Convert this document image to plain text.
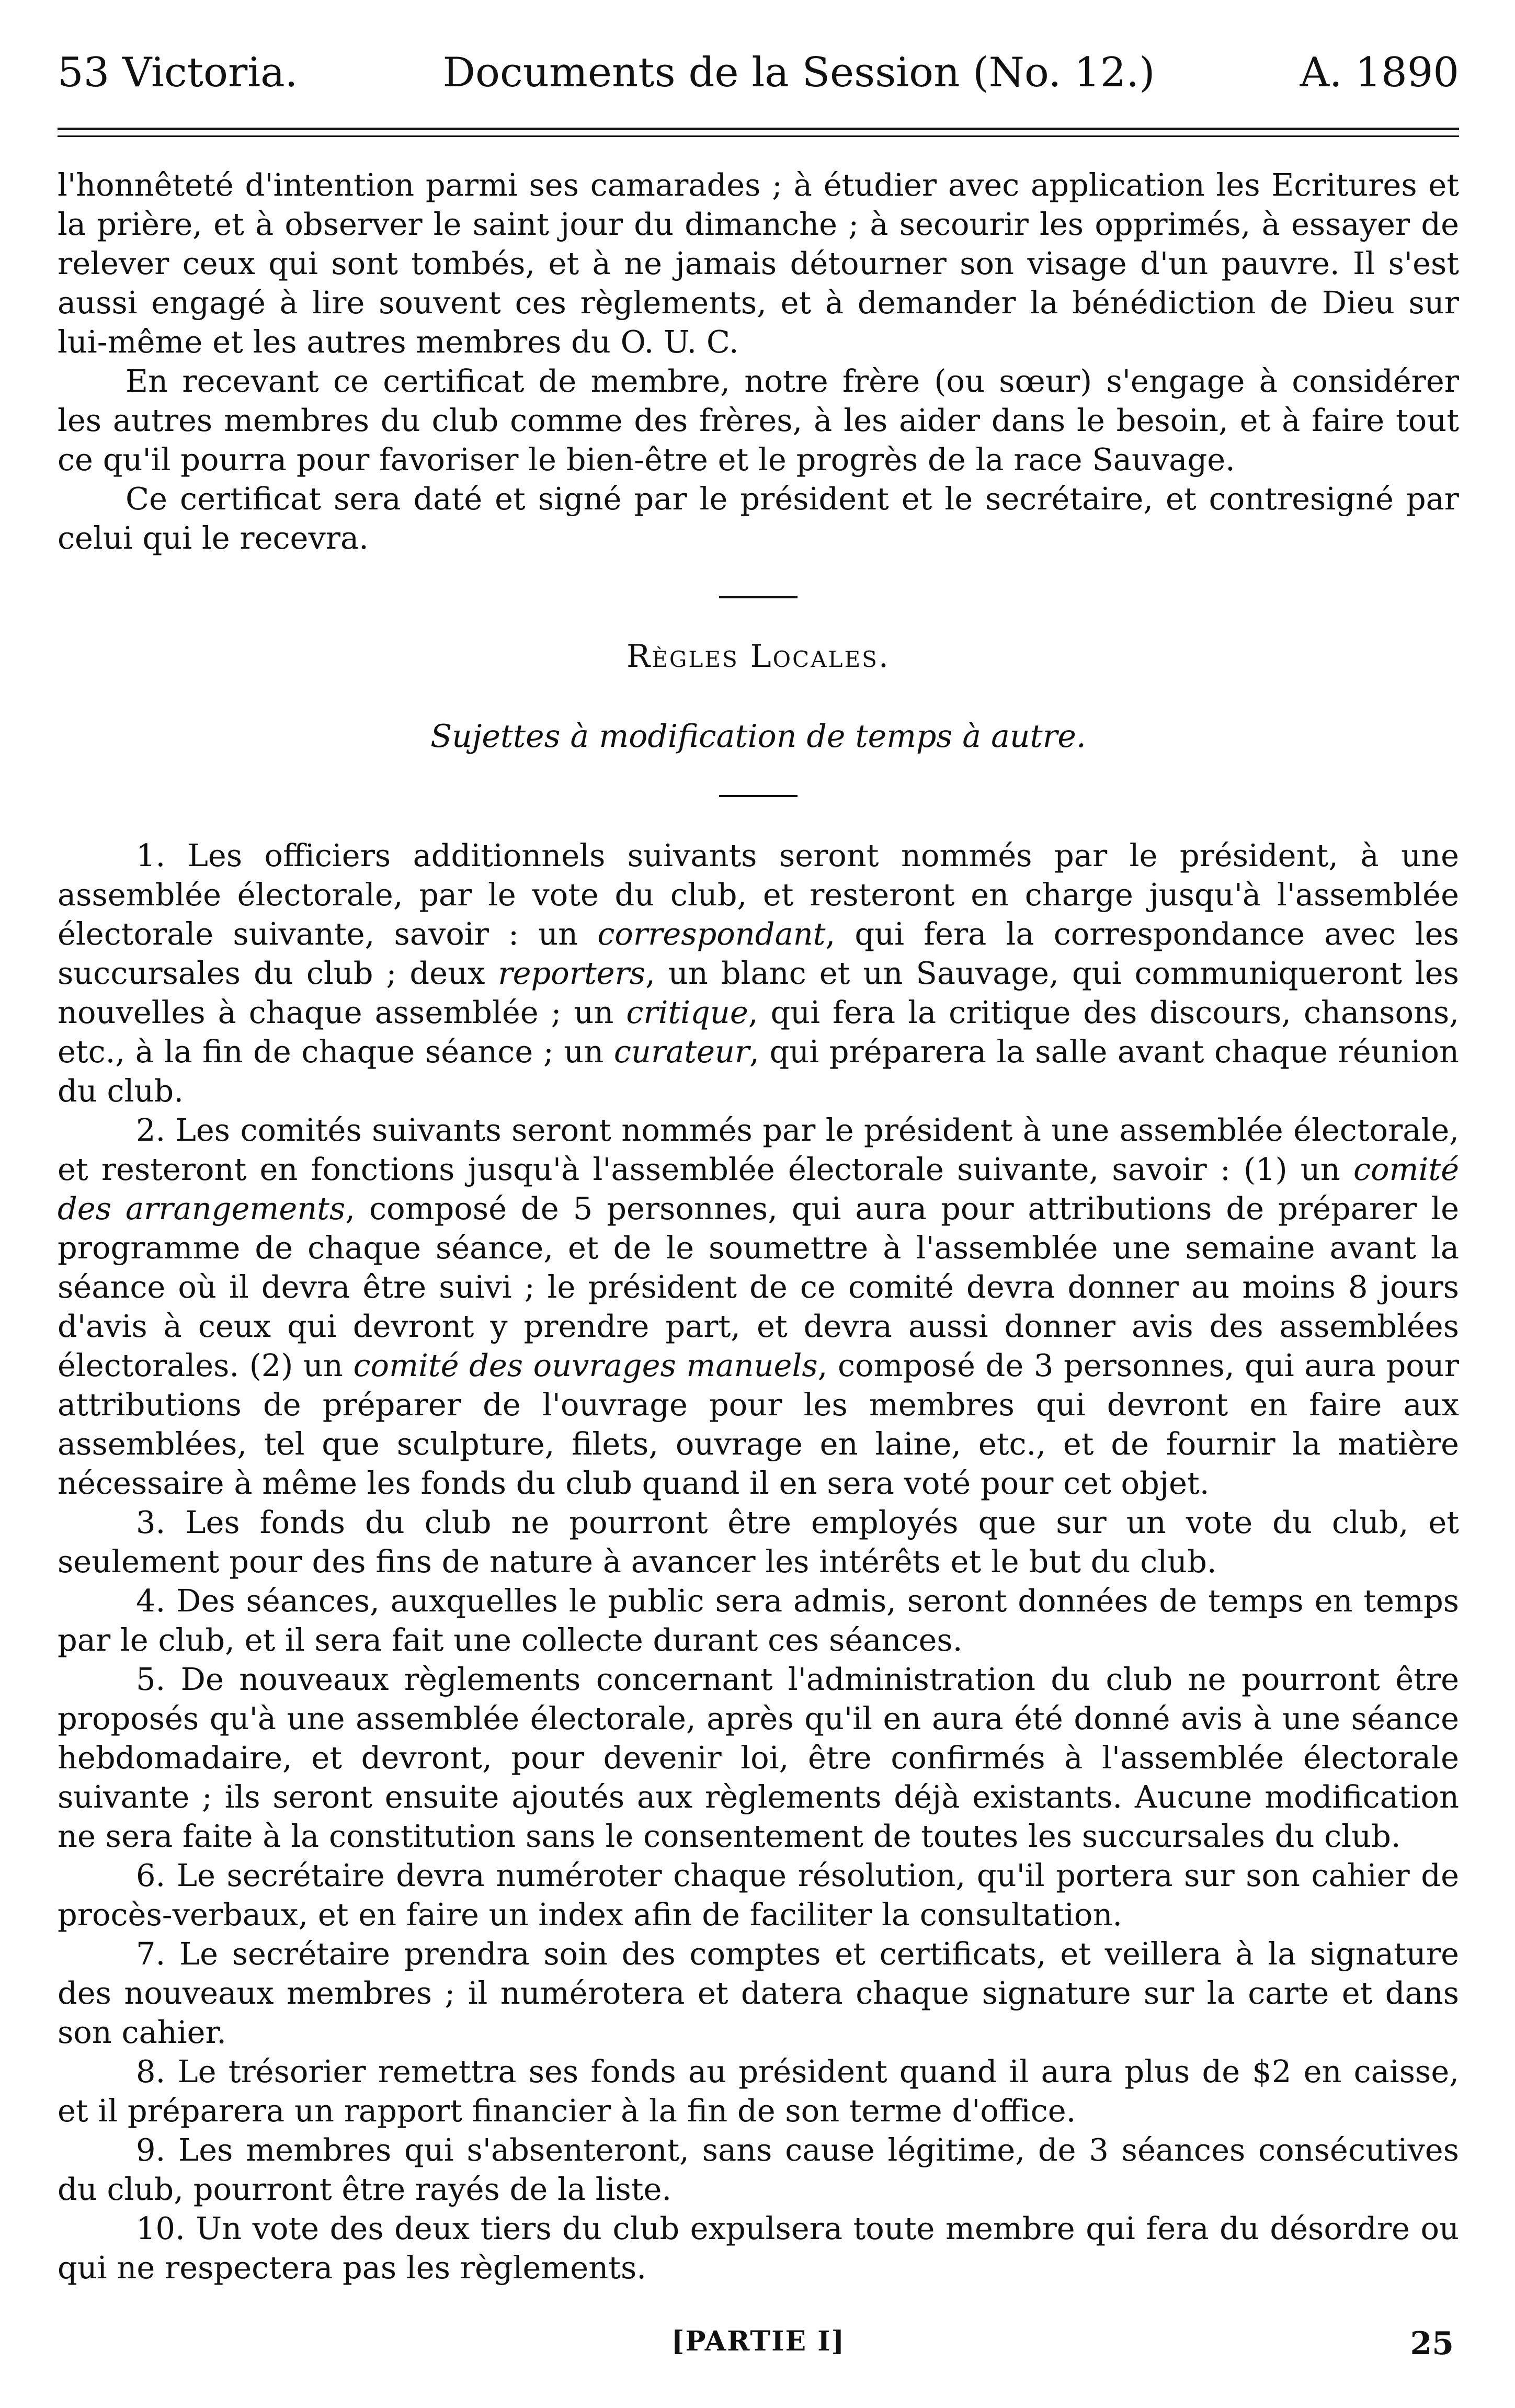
53 Victoria.	Documents de la Session (No. 12.)	A. 1890

l'honnêteté d'intention parmi ses camarades ; à étudier avec application les Ecritures et la prière, et à observer le saint jour du dimanche ; à secourir les opprimés, à essayer de relever ceux qui sont tombés, et à ne jamais détourner son visage d'un pauvre. Il s'est aussi engagé à lire souvent ces règlements, et à demander la bénédiction de Dieu sur lui-même et les autres membres du O. U. C.

En recevant ce certificat de membre, notre frère (ou sœur) s'engage à considérer les autres membres du club comme des frères, à les aider dans le besoin, et à faire tout ce qu'il pourra pour favoriser le bien-être et le progrès de la race Sauvage.

Ce certificat sera daté et signé par le président et le secrétaire, et contresigné par celui qui le recevra.

Règles Locales.
Sujettes à modification de temps à autre.

1. Les officiers additionnels suivants seront nommés par le président, à une assemblée électorale, par le vote du club, et resteront en charge jusqu'à l'assemblée électorale suivante, savoir : un correspondant, qui fera la correspondance avec les succursales du club ; deux reporters, un blanc et un Sauvage, qui communiqueront les nouvelles à chaque assemblée ; un critique, qui fera la critique des discours, chansons, etc., à la fin de chaque séance ; un curateur, qui préparera la salle avant chaque réunion du club.

2. Les comités suivants seront nommés par le président à une assemblée électorale, et resteront en fonctions jusqu'à l'assemblée électorale suivante, savoir : (1) un comité des arrangements, composé de 5 personnes, qui aura pour attributions de préparer le programme de chaque séance, et de le soumettre à l'assemblée une semaine avant la séance où il devra être suivi ; le président de ce comité devra donner au moins 8 jours d'avis à ceux qui devront y prendre part, et devra aussi donner avis des assemblées électorales. (2) un comité des ouvrages manuels, composé de 3 personnes, qui aura pour attributions de préparer de l'ouvrage pour les membres qui devront en faire aux assemblées, tel que sculpture, filets, ouvrage en laine, etc., et de fournir la matière nécessaire à même les fonds du club quand il en sera voté pour cet objet.

3. Les fonds du club ne pourront être employés que sur un vote du club, et seulement pour des fins de nature à avancer les intérêts et le but du club.

4. Des séances, auxquelles le public sera admis, seront données de temps en temps par le club, et il sera fait une collecte durant ces séances.

5. De nouveaux règlements concernant l'administration du club ne pourront être proposés qu'à une assemblée électorale, après qu'il en aura été donné avis à une séance hebdomadaire, et devront, pour devenir loi, être confirmés à l'assemblée électorale suivante ; ils seront ensuite ajoutés aux règlements déjà existants. Aucune modification ne sera faite à la constitution sans le consentement de toutes les succursales du club.

6. Le secrétaire devra numéroter chaque résolution, qu'il portera sur son cahier de procès-verbaux, et en faire un index afin de faciliter la consultation.

7. Le secrétaire prendra soin des comptes et certificats, et veillera à la signature des nouveaux membres ; il numérotera et datera chaque signature sur la carte et dans son cahier.

8. Le trésorier remettra ses fonds au président quand il aura plus de $2 en caisse, et il préparera un rapport financier à la fin de son terme d'office.

9. Les membres qui s'absenteront, sans cause légitime, de 3 séances consécutives du club, pourront être rayés de la liste.

10. Un vote des deux tiers du club expulsera toute membre qui fera du désordre ou qui ne respectera pas les règlements.

[PARTIE I]	25
